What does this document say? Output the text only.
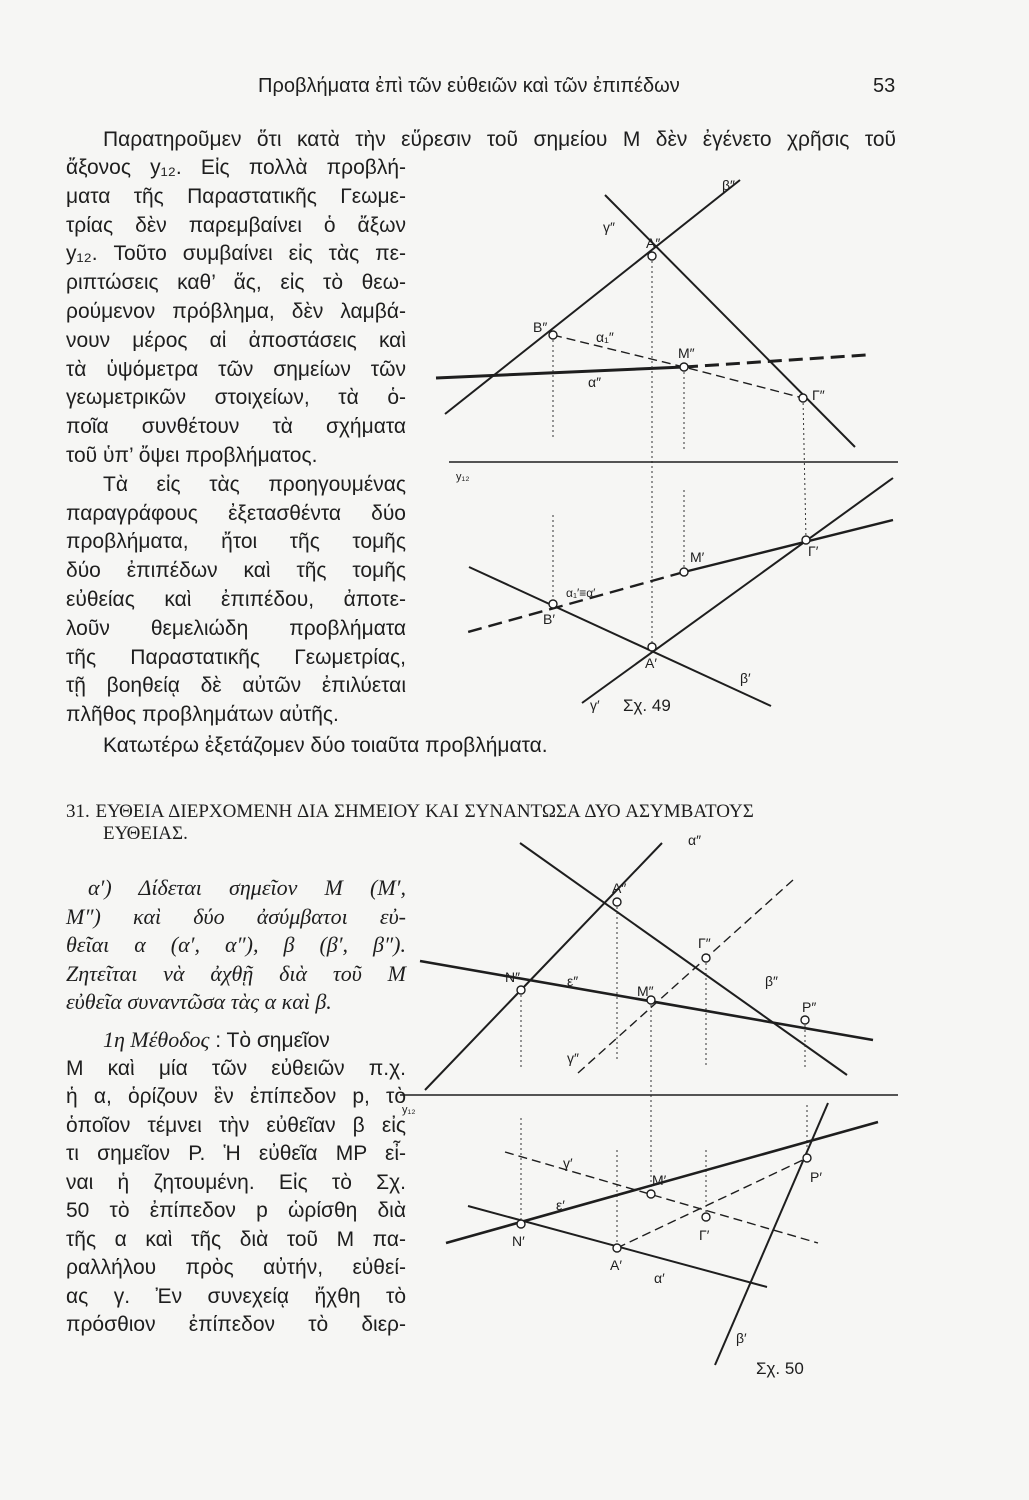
Προβλήματα ἐπὶ τῶν εὐθειῶν καὶ τῶν ἐπιπέδων	53
Παρατηροῦμεν ὅτι κατὰ τὴν εὕρεσιν τοῦ σημείου M δὲν ἐγένετο χρῆσις τοῦ
ἄξονος y₁₂. Εἰς πολλὰ προβλή-
ματα τῆς Παραστατικῆς Γεωμε-
τρίας δὲν παρεμβαίνει ὁ ἄξων
y₁₂. Τοῦτο συμβαίνει εἰς τὰς πε-
ριπτώσεις καθ’ ἅς, εἰς τὸ θεω-
ρούμενον πρόβλημα, δὲν λαμβά-
νουν μέρος αἱ ἀποστάσεις καὶ
τὰ ὑψόμετρα τῶν σημείων τῶν
γεωμετρικῶν στοιχείων, τὰ ὁ-
ποῖα συνθέτουν τὰ σχήματα
τοῦ ὑπ’ ὄψει προβλήματος.
Τὰ εἰς τὰς προηγουμένας
παραγράφους ἐξετασθέντα δύο
προβλήματα, ἤτοι τῆς τομῆς
δύο ἐπιπέδων καὶ τῆς τομῆς
εὐθείας καὶ ἐπιπέδου, ἀποτε-
λοῦν θεμελιώδη προβλήματα
τῆς Παραστατικῆς Γεωμετρίας,
τῇ βοηθείᾳ δὲ αὐτῶν ἐπιλύεται
πλῆθος προβλημάτων αὐτῆς.
Κατωτέρω ἐξετάζομεν δύο τοιαῦτα προβλήματα.
31. ΕΥΘΕΙΑ ΔΙΕΡΧΟΜΕΝΗ ΔΙΑ ΣΗΜΕΙΟΥ ΚΑΙ ΣΥΝΑΝΤΩΣΑ ΔΥΟ ΑΣΥΜΒΑΤΟΥΣ
ΕΥΘΕΙΑΣ.
α′) Δίδεται σημεῖον M (M′,
M″) καὶ δύο ἀσύμβατοι εὐ-
θεῖαι α (α′, α″), β (β′, β″).
Ζητεῖται νὰ ἀχθῇ διὰ τοῦ M
εὐθεῖα συναντῶσα τὰς α καὶ β.
1η Μέθοδος : Τὸ σημεῖον
M καὶ μία τῶν εὐθειῶν π.χ.
ἡ α, ὁρίζουν ἓν ἐπίπεδον p, τὸ
ὁποῖον τέμνει τὴν εὐθεῖαν β εἰς
τι σημεῖον P. Ἡ εὐθεῖα MP εἶ-
ναι ἡ ζητουμένη. Εἰς τὸ Σχ.
50 τὸ ἐπίπεδον p ὡρίσθη διὰ
τῆς α καὶ τῆς διὰ τοῦ M πα-
ραλλήλου πρὸς αὐτήν, εὐθεί-
ας γ. Ἐν συνεχείᾳ ἤχθη τὸ
πρόσθιον ἐπίπεδον τὸ διερ-
γ″
β″
A″
B″
α₁″
M″
α″
Γ″
y₁₂
M′	Γ′
α₁′≡α′
B′
A′
β′
γ′ Σχ. 49
α″
A″
Γ″
N″	ε″
M″
β″
P″
γ″
y₁₂
γ′
M′	P′
ε′
Γ′
N′
A′
α′
β′
Σχ. 50
